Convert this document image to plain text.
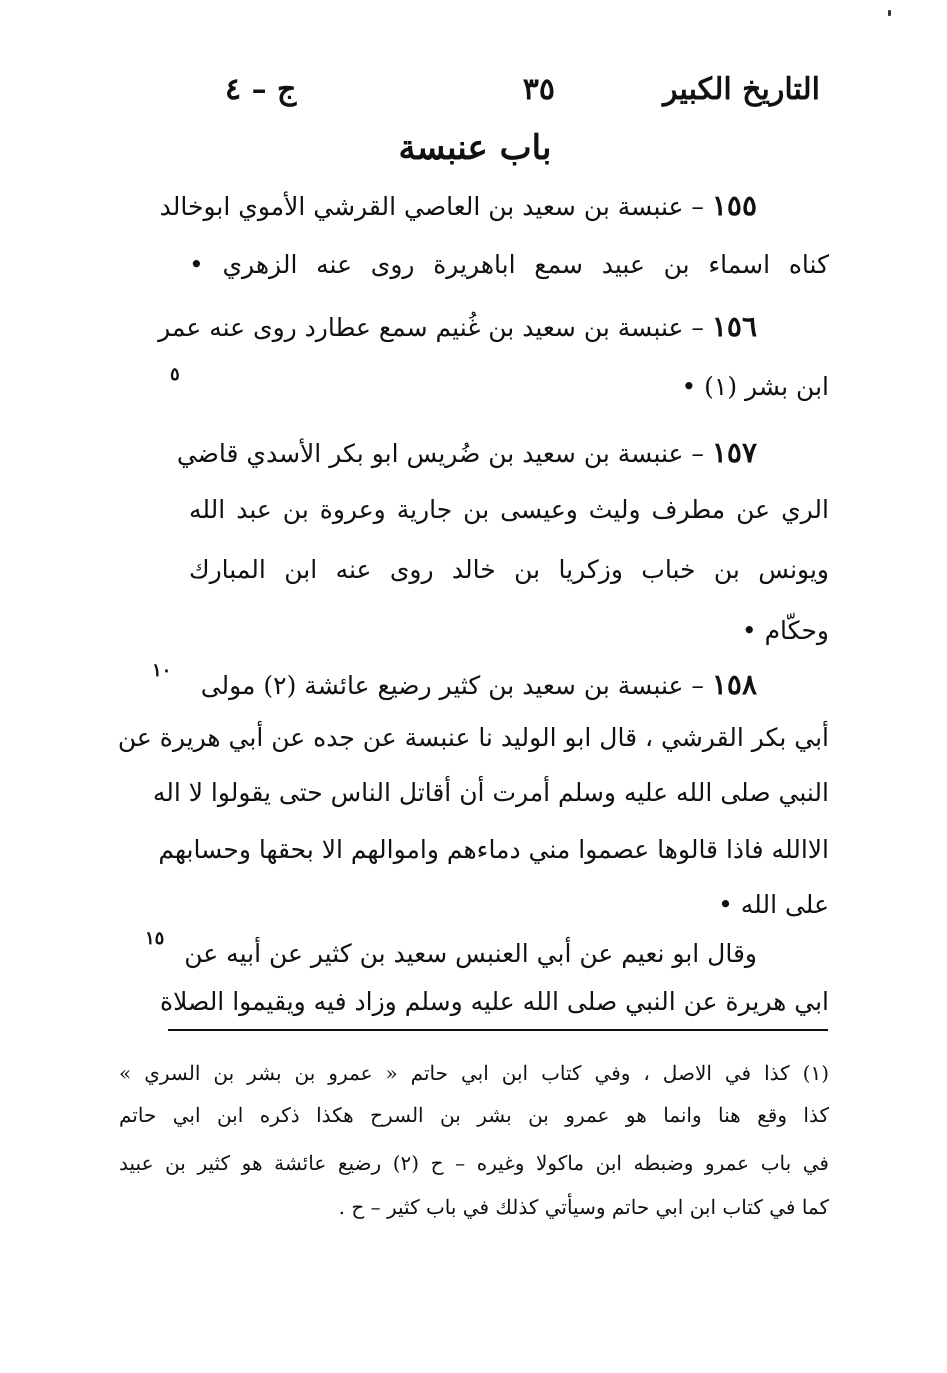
التاريخ الكبير
٣٥
ج – ٤
باب عنبسة
١٥٥ – عنبسة بن سعيد بن العاصي القرشي الأموي ابوخالد
كناه اسماء بن عبيد سمع اباهريرة روى عنه الزهري •
١٥٦ – عنبسة بن سعيد بن غُنيم سمع عطارد روى عنه عمر
ابن بشر (١) •
٥
١٥٧ – عنبسة بن سعيد بن ضُريس ابو بكر الأسدي قاضي
الري عن مطرف وليث وعيسى بن جارية وعروة بن عبد الله
ويونس بن خباب وزكريا بن خالد روى عنه ابن المبارك
وحكّام •
١٥٨ – عنبسة بن سعيد بن كثير رضيع عائشة (٢) مولى
١٠
أبي بكر القرشي ، قال ابو الوليد نا عنبسة عن جده عن أبي هريرة عن
النبي صلى الله عليه وسلم أمرت أن أقاتل الناس حتى يقولوا لا اله
الاالله فاذا قالوها عصموا مني دماءهم واموالهم الا بحقها وحسابهم
على الله •
وقال ابو نعيم عن أبي العنبس سعيد بن كثير عن أبيه عن
١٥
ابي هريرة عن النبي صلى الله عليه وسلم وزاد فيه ويقيموا الصلاة
(١) كذا في الاصل ، وفي كتاب ابن ابي حاتم « عمرو بن بشر بن السري »
كذا وقع هنا وانما هو عمرو بن بشر بن السرح هكذا ذكره ابن ابي حاتم
في باب عمرو وضبطه ابن ماكولا وغيره – ح (٢) رضيع عائشة هو كثير بن عبيد
كما في كتاب ابن ابي حاتم وسيأتي كذلك في باب كثير – ح .
